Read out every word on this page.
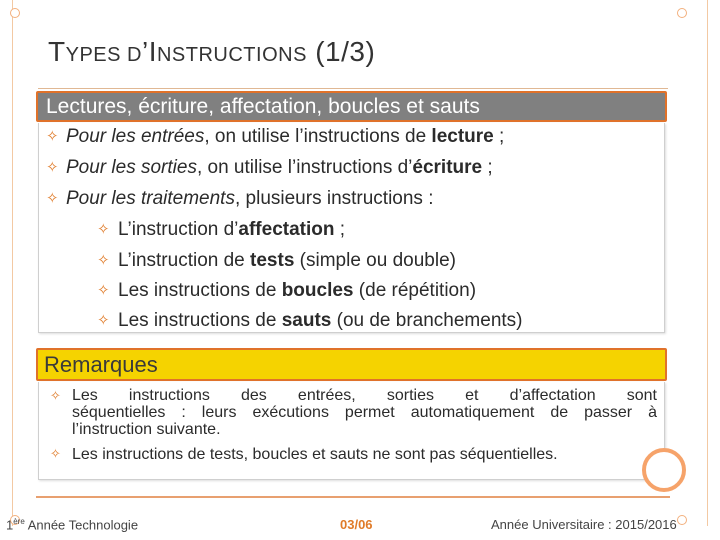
TYPES D’INSTRUCTIONS (1/3)
Lectures, écriture, affectation, boucles et sauts
✧ Pour les entrées, on utilise l’instructions de lecture ;
✧ Pour les sorties, on utilise l’instructions d’écriture ;
✧ Pour les traitements, plusieurs instructions :
✧ L’instruction d’affectation ;
✧ L’instruction de tests (simple ou double)
✧ Les instructions de boucles (de répétition)
✧ Les instructions de sauts (ou de branchements)
Remarques
✧ Les instructions des entrées, sorties et d’affectation sont
séquentielles : leurs exécutions permet automatiquement de passer à
l’instruction suivante.
✧ Les instructions de tests, boucles et sauts ne sont pas séquentielles.
1ère Année Technologie	03/06	Année Universitaire : 2015/2016
